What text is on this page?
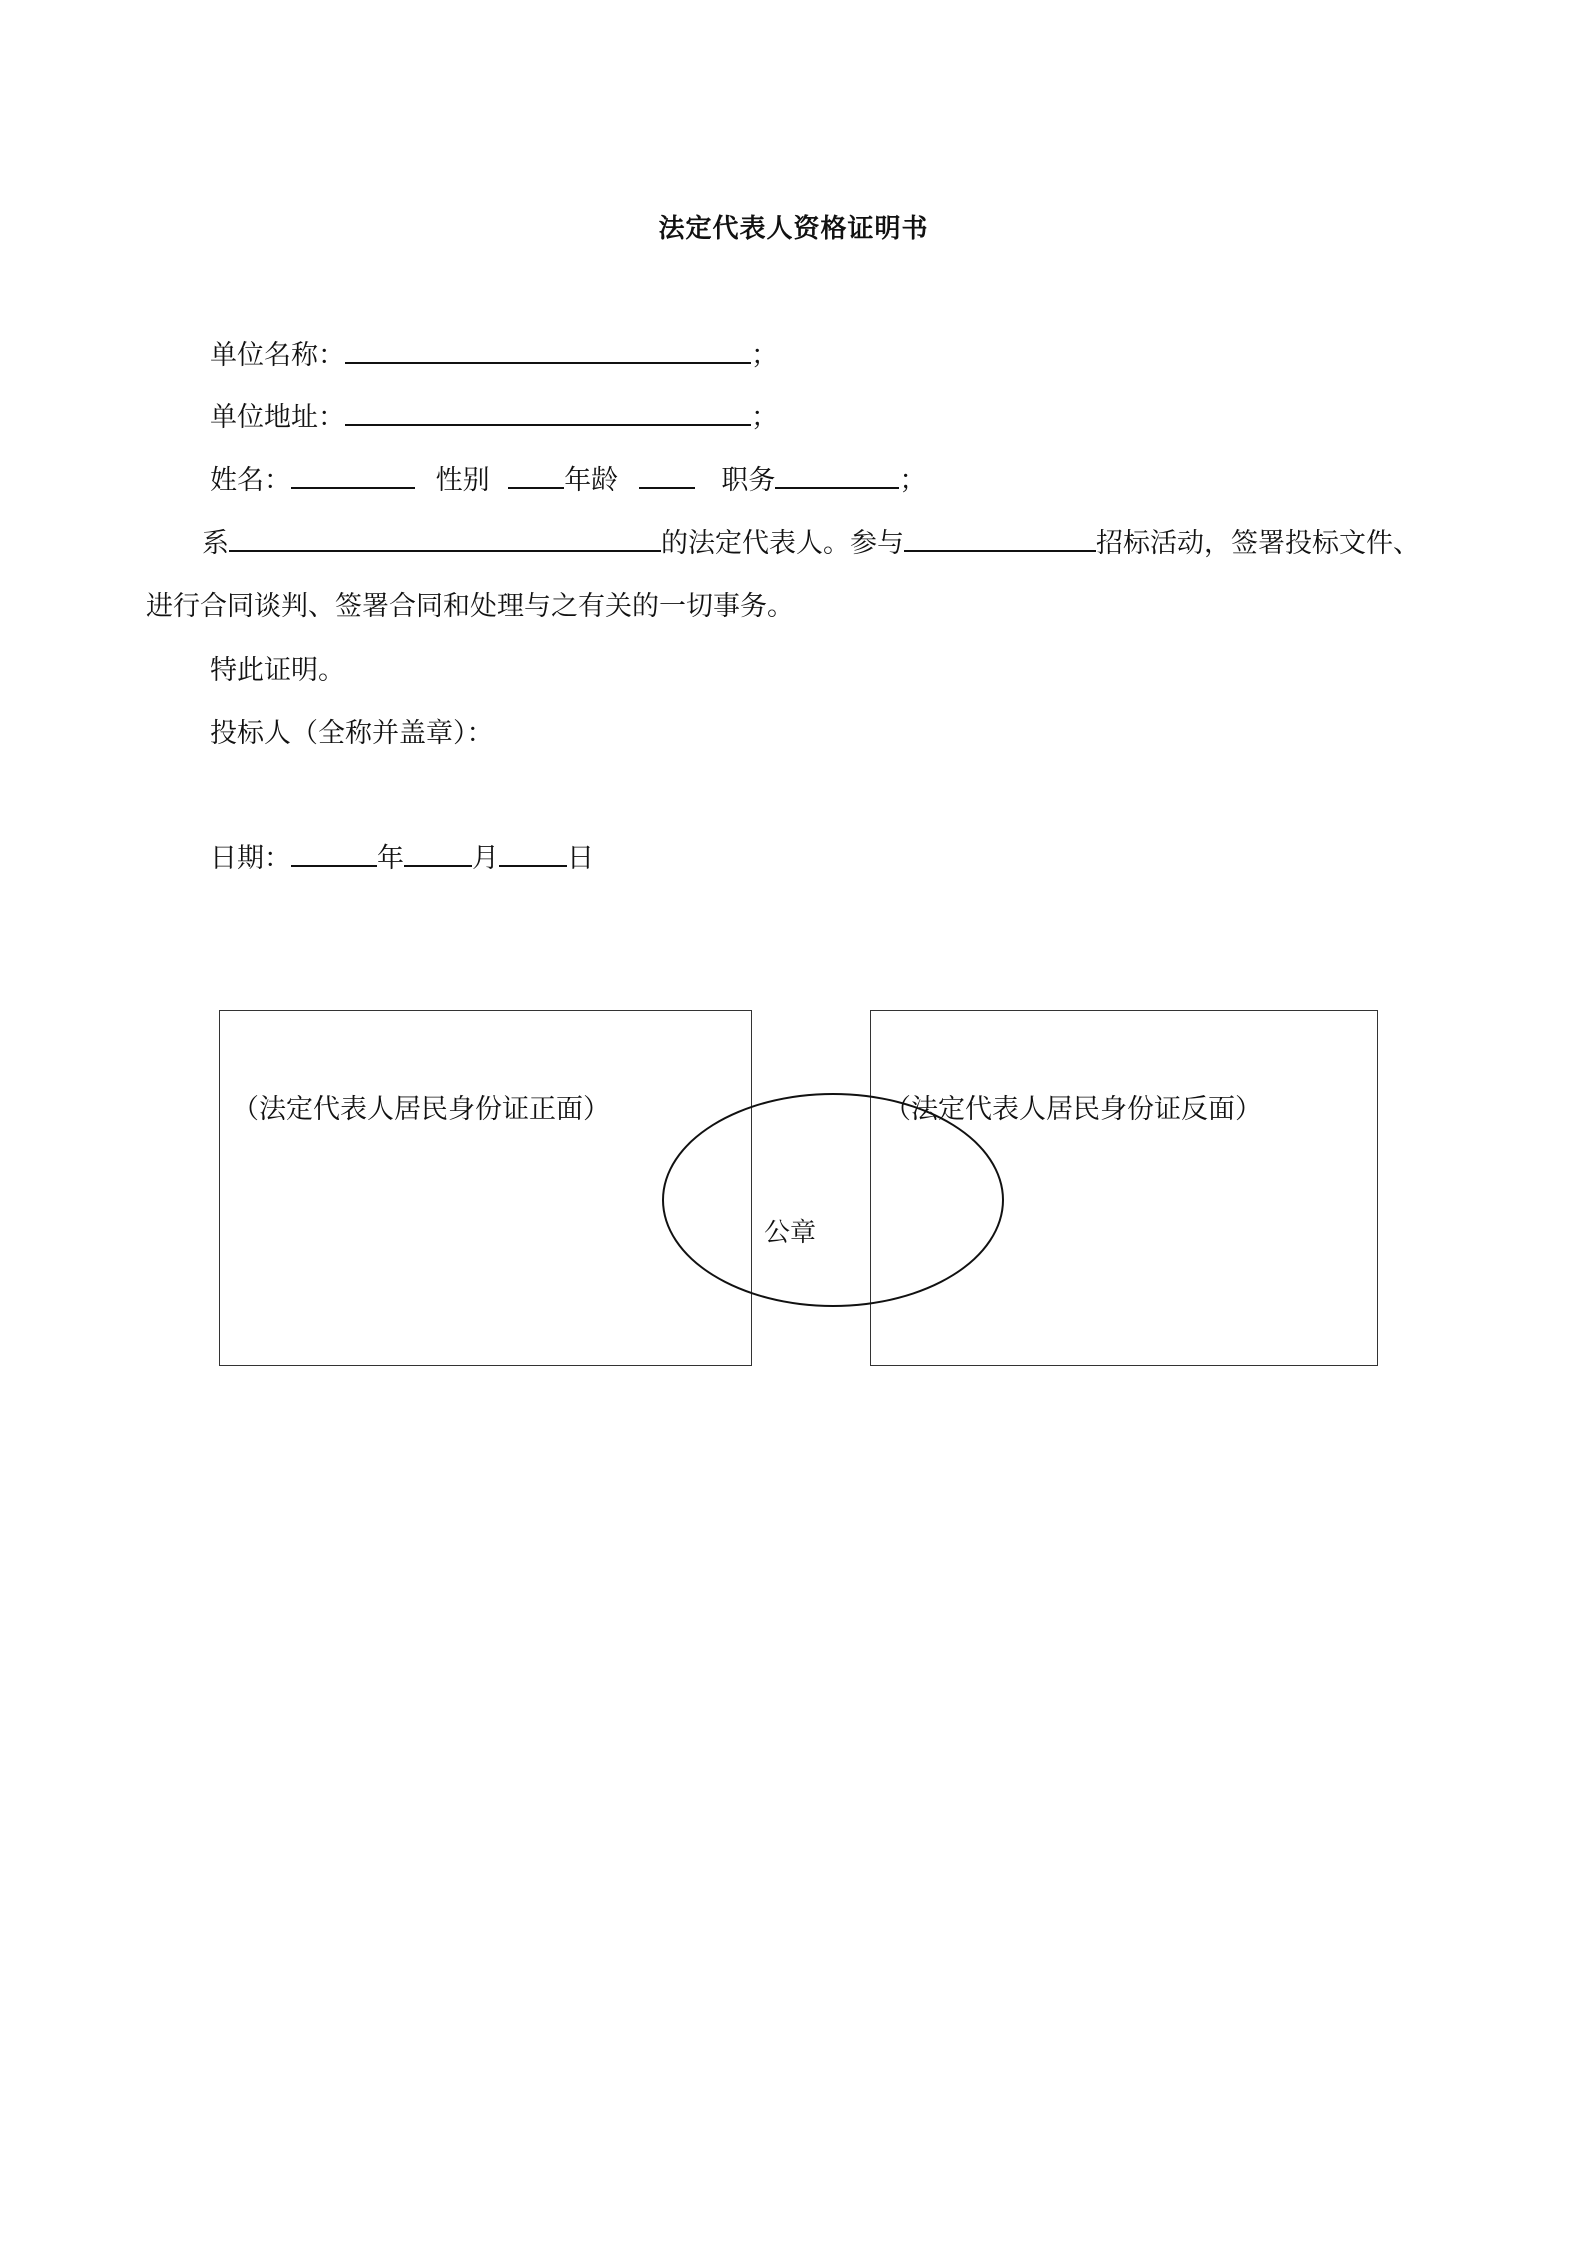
法定代表人资格证明书
单位名称：	；
单位地址：	；
姓名：	性别	年龄	职务	；
系	的法定代表人。参与	招标活动，签署投标文件、
进行合同谈判、签署合同和处理与之有关的一切事务。
特此证明。
投标人（全称并盖章）：
日期：	年	月	日
（法定代表人居民身份证正面）	（法定代表人居民身份证反面）
公章
